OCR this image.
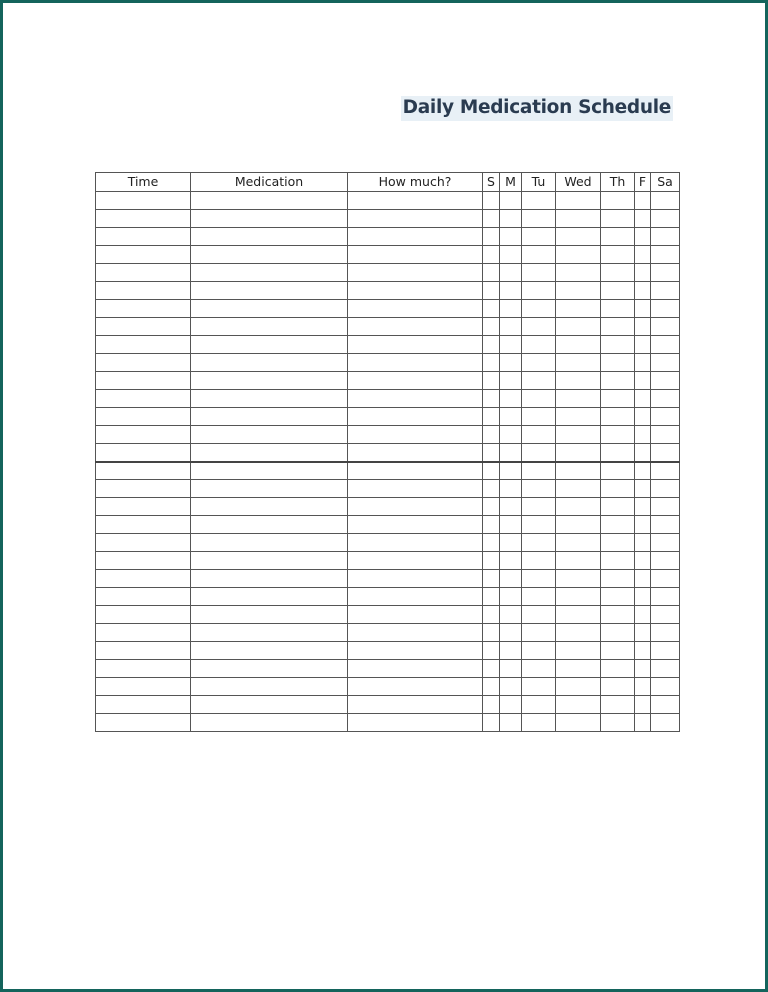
Daily Medication Schedule
Time	Medication	How much?	S	M	Tu	Wed	Th	F	Sa
